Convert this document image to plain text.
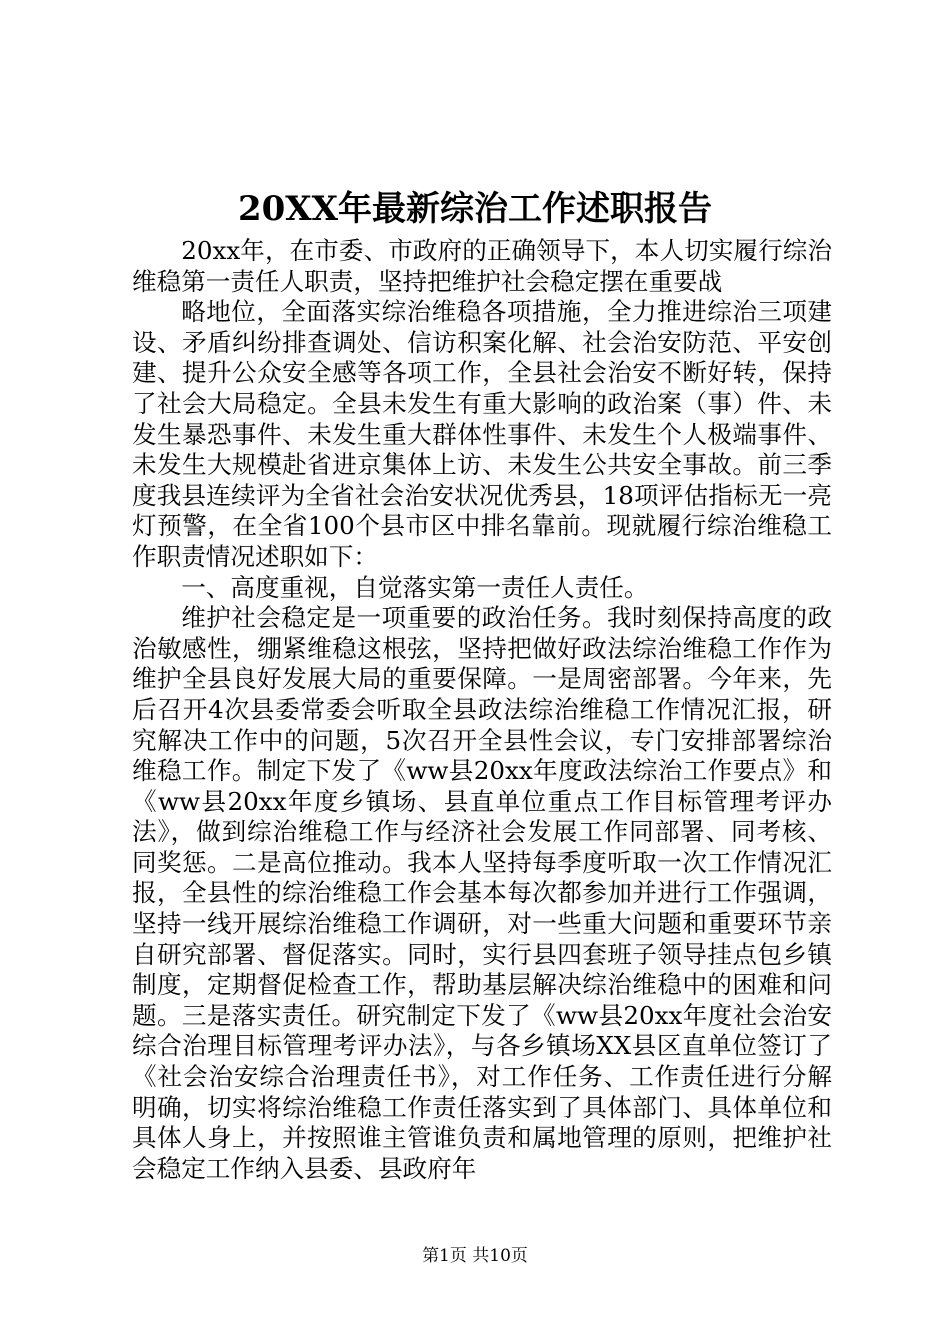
20XX年最新综治工作述职报告

20xx年，在市委、市政府的正确领导下，本人切实履行综治维稳第一责任人职责，坚持把维护社会稳定摆在重要战

略地位，全面落实综治维稳各项措施，全力推进综治三项建设、矛盾纠纷排查调处、信访积案化解、社会治安防范、平安创建、提升公众安全感等各项工作，全县社会治安不断好转，保持了社会大局稳定。全县未发生有重大影响的政治案（事）件、未发生暴恐事件、未发生重大群体性事件、未发生个人极端事件、未发生大规模赴省进京集体上访、未发生公共安全事故。前三季度我县连续评为全省社会治安状况优秀县，18项评估指标无一亮灯预警，在全省100个县市区中排名靠前。现就履行综治维稳工作职责情况述职如下：

一、高度重视，自觉落实第一责任人责任。

维护社会稳定是一项重要的政治任务。我时刻保持高度的政治敏感性，绷紧维稳这根弦，坚持把做好政法综治维稳工作作为维护全县良好发展大局的重要保障。一是周密部署。今年来，先后召开4次县委常委会听取全县政法综治维稳工作情况汇报，研究解决工作中的问题，5次召开全县性会议，专门安排部署综治维稳工作。制定下发了《ww县20xx年度政法综治工作要点》和《ww县20xx年度乡镇场、县直单位重点工作目标管理考评办法》，做到综治维稳工作与经济社会发展工作同部署、同考核、同奖惩。二是高位推动。我本人坚持每季度听取一次工作情况汇报，全县性的综治维稳工作会基本每次都参加并进行工作强调，坚持一线开展综治维稳工作调研，对一些重大问题和重要环节亲自研究部署、督促落实。同时，实行县四套班子领导挂点包乡镇制度，定期督促检查工作，帮助基层解决综治维稳中的困难和问题。三是落实责任。研究制定下发了《ww县20xx年度社会治安综合治理目标管理考评办法》，与各乡镇场XX县区直单位签订了《社会治安综合治理责任书》，对工作任务、工作责任进行分解明确，切实将综治维稳工作责任落实到了具体部门、具体单位和具体人身上，并按照谁主管谁负责和属地管理的原则，把维护社会稳定工作纳入县委、县政府年

第1页 共10页
